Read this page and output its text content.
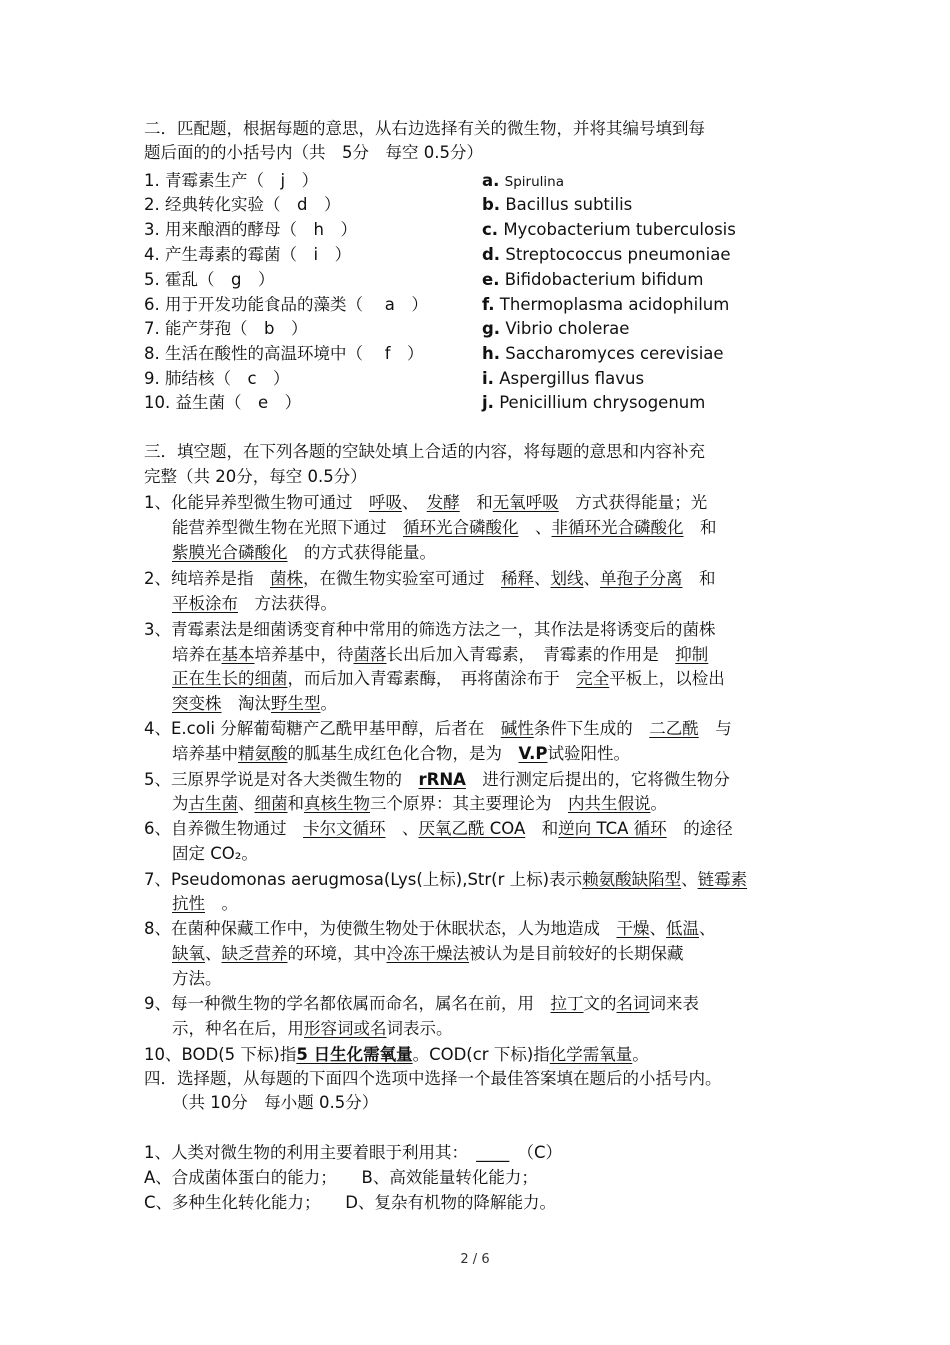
二．匹配题，根据每题的意思，从右边选择有关的微生物，并将其编号填到每
题后面的的小括号内（共　5分　每空 0.5分）
1. 青霉素生产（　j　）
2. 经典转化实验（　d　）
3. 用来酿酒的酵母（　h　）
4. 产生毒素的霉菌（　i　）
5. 霍乱（　g　）
6. 用于开发功能食品的藻类（　 a　）
7. 能产芽孢（　b　）
8. 生活在酸性的高温环境中（　 f　）
9. 肺结核（　c　）
10. 益生菌（　e　）
a. Spirulina
b. Bacillus subtilis
c. Mycobacterium tuberculosis
d. Streptococcus pneumoniae
e. Bifidobacterium bifidum
f. Thermoplasma acidophilum
g. Vibrio cholerae
h. Saccharomyces cerevisiae
i. Aspergillus flavus
j. Penicillium chrysogenum
三．填空题，在下列各题的空缺处填上合适的内容，将每题的意思和内容补充
完整（共 20分，每空 0.5分）
1、化能异养型微生物可通过　 呼吸、　 发酵　 和无氧呼吸　 方式获得能量；光
能营养型微生物在光照下通过　 循环光合磷酸化　 、非循环光合磷酸化　 和
紫膜光合磷酸化　 的方式获得能量。
2、纯培养是指　 菌株，在微生物实验室可通过　 稀释、划线、单孢子分离　 和
平板涂布　 方法获得。
3、青霉素法是细菌诱变育种中常用的筛选方法之一，其作法是将诱变后的菌株
培养在基本培养基中，待菌落长出后加入青霉素，　青霉素的作用是　 抑制
正在生长的细菌，而后加入青霉素酶，　再将菌涂布于　 完全平板上，以检出
突变株　 淘汰野生型。
4、E.coli 分解葡萄糖产乙酰甲基甲醇，后者在　 碱性条件下生成的　 二乙酰　 与
培养基中精氨酸的胍基生成红色化合物，是为　 V.P试验阳性。
5、三原界学说是对各大类微生物的　 rRNA　 进行测定后提出的，它将微生物分
为古生菌、细菌和真核生物三个原界：其主要理论为　 内共生假说。
6、自养微生物通过　 卡尔文循环　 、厌氧乙酰 COA　 和逆向 TCA 循环　 的途径
固定 CO₂。
7、Pseudomonas aerugmosa(Lys(上标),Str(r 上标)表示赖氨酸缺陷型、链霉素
抗性　 。
8、在菌种保藏工作中，为使微生物处于休眠状态，人为地造成　 干燥、低温、
缺氧、缺乏营养的环境，其中冷冻干燥法被认为是目前较好的长期保藏
方法。
9、每一种微生物的学名都依属而命名，属名在前，用　 拉丁文的名词词来表
示，种名在后，用形容词或名词表示。
10、BOD(5 下标)指5 日生化需氧量。COD(cr 下标)指化学需氧量。
四．选择题，从每题的下面四个选项中选择一个最佳答案填在题后的小括号内。
（共 10分　每小题 0.5分）
1、人类对微生物的利用主要着眼于利用其：　____　（C）
A、合成菌体蛋白的能力；　　B、高效能量转化能力；
C、多种生化转化能力；　　D、复杂有机物的降解能力。
2 / 6
